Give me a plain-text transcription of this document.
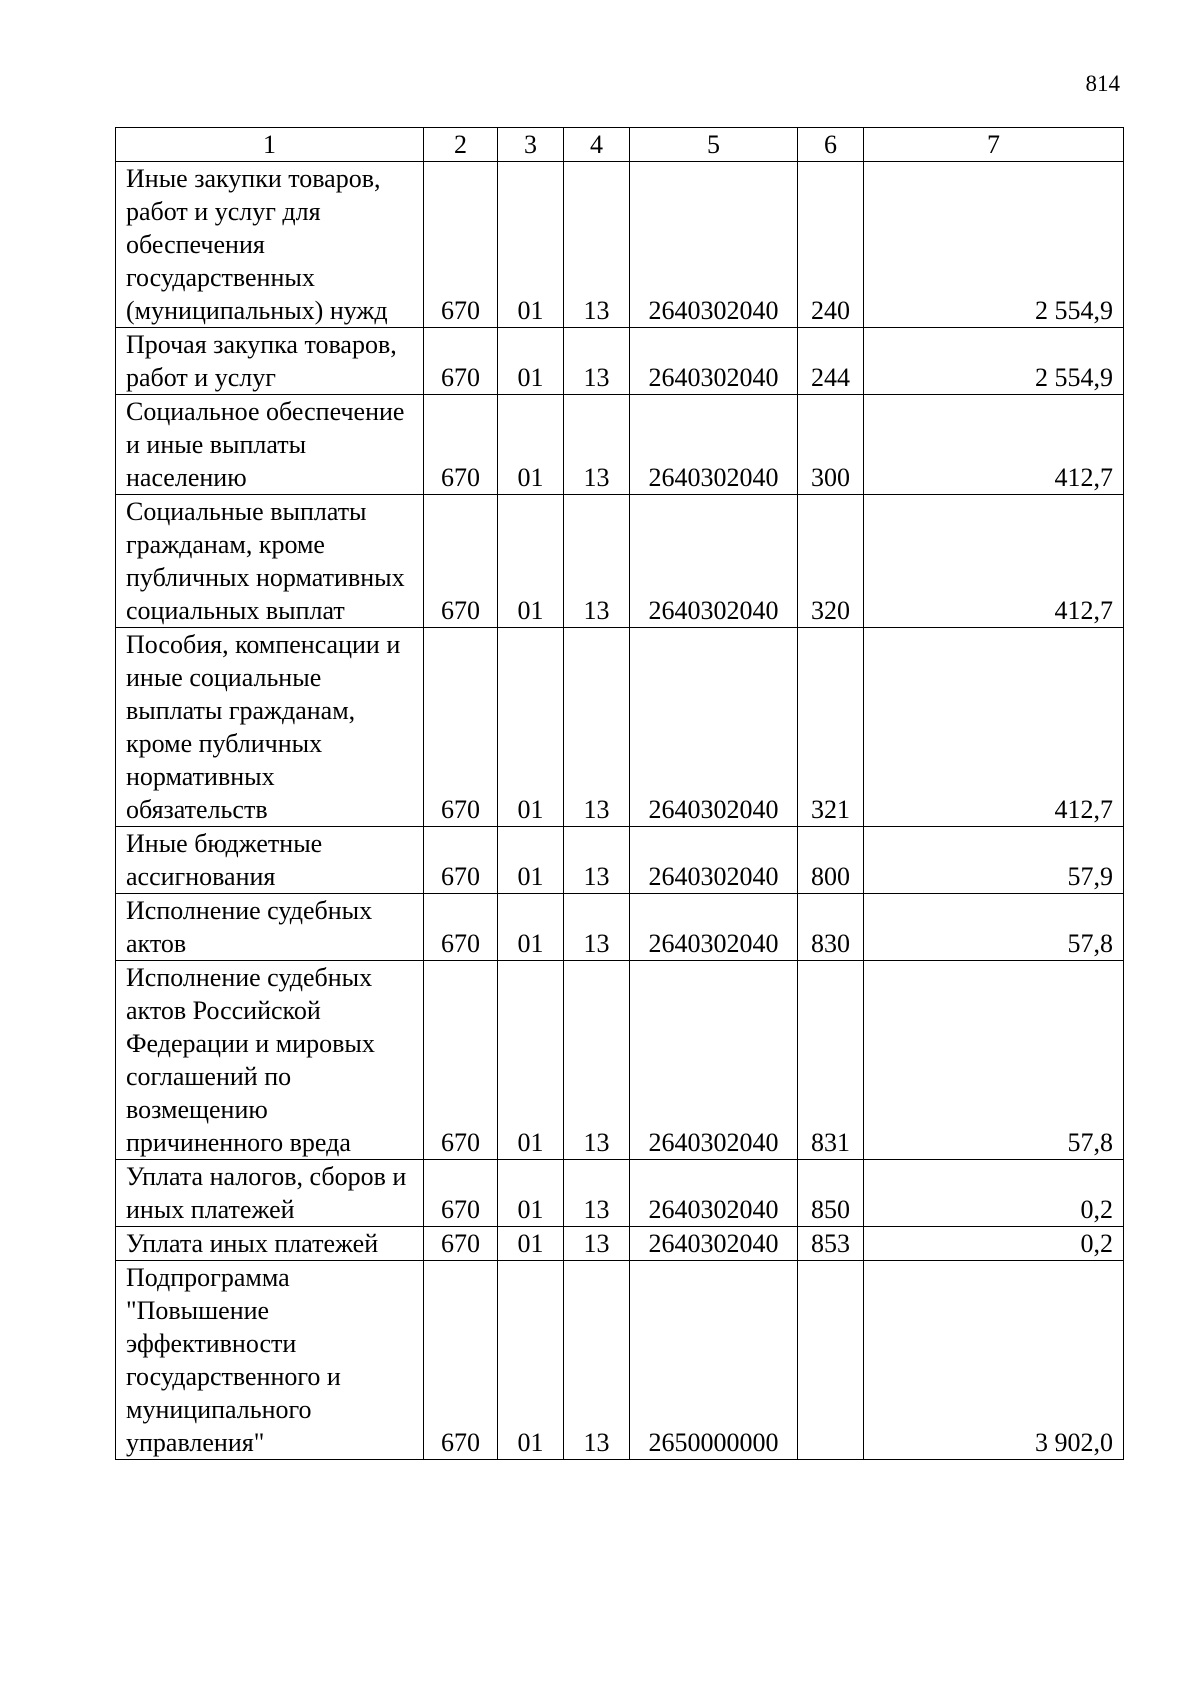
814
1	2	3	4	5	6	7
Иные закупки товаров, работ и услуг для обеспечения государственных (муниципальных) нужд	670	01	13	2640302040	240	2 554,9
Прочая закупка товаров, работ и услуг	670	01	13	2640302040	244	2 554,9
Социальное обеспечение и иные выплаты населению	670	01	13	2640302040	300	412,7
Социальные выплаты гражданам, кроме публичных нормативных социальных выплат	670	01	13	2640302040	320	412,7
Пособия, компенсации и иные социальные выплаты гражданам, кроме публичных нормативных обязательств	670	01	13	2640302040	321	412,7
Иные бюджетные ассигнования	670	01	13	2640302040	800	57,9
Исполнение судебных актов	670	01	13	2640302040	830	57,8
Исполнение судебных актов Российской Федерации и мировых соглашений по возмещению причиненного вреда	670	01	13	2640302040	831	57,8
Уплата налогов, сборов и иных платежей	670	01	13	2640302040	850	0,2
Уплата иных платежей	670	01	13	2640302040	853	0,2
Подпрограмма "Повышение эффективности государственного и муниципального управления"	670	01	13	2650000000		3 902,0
